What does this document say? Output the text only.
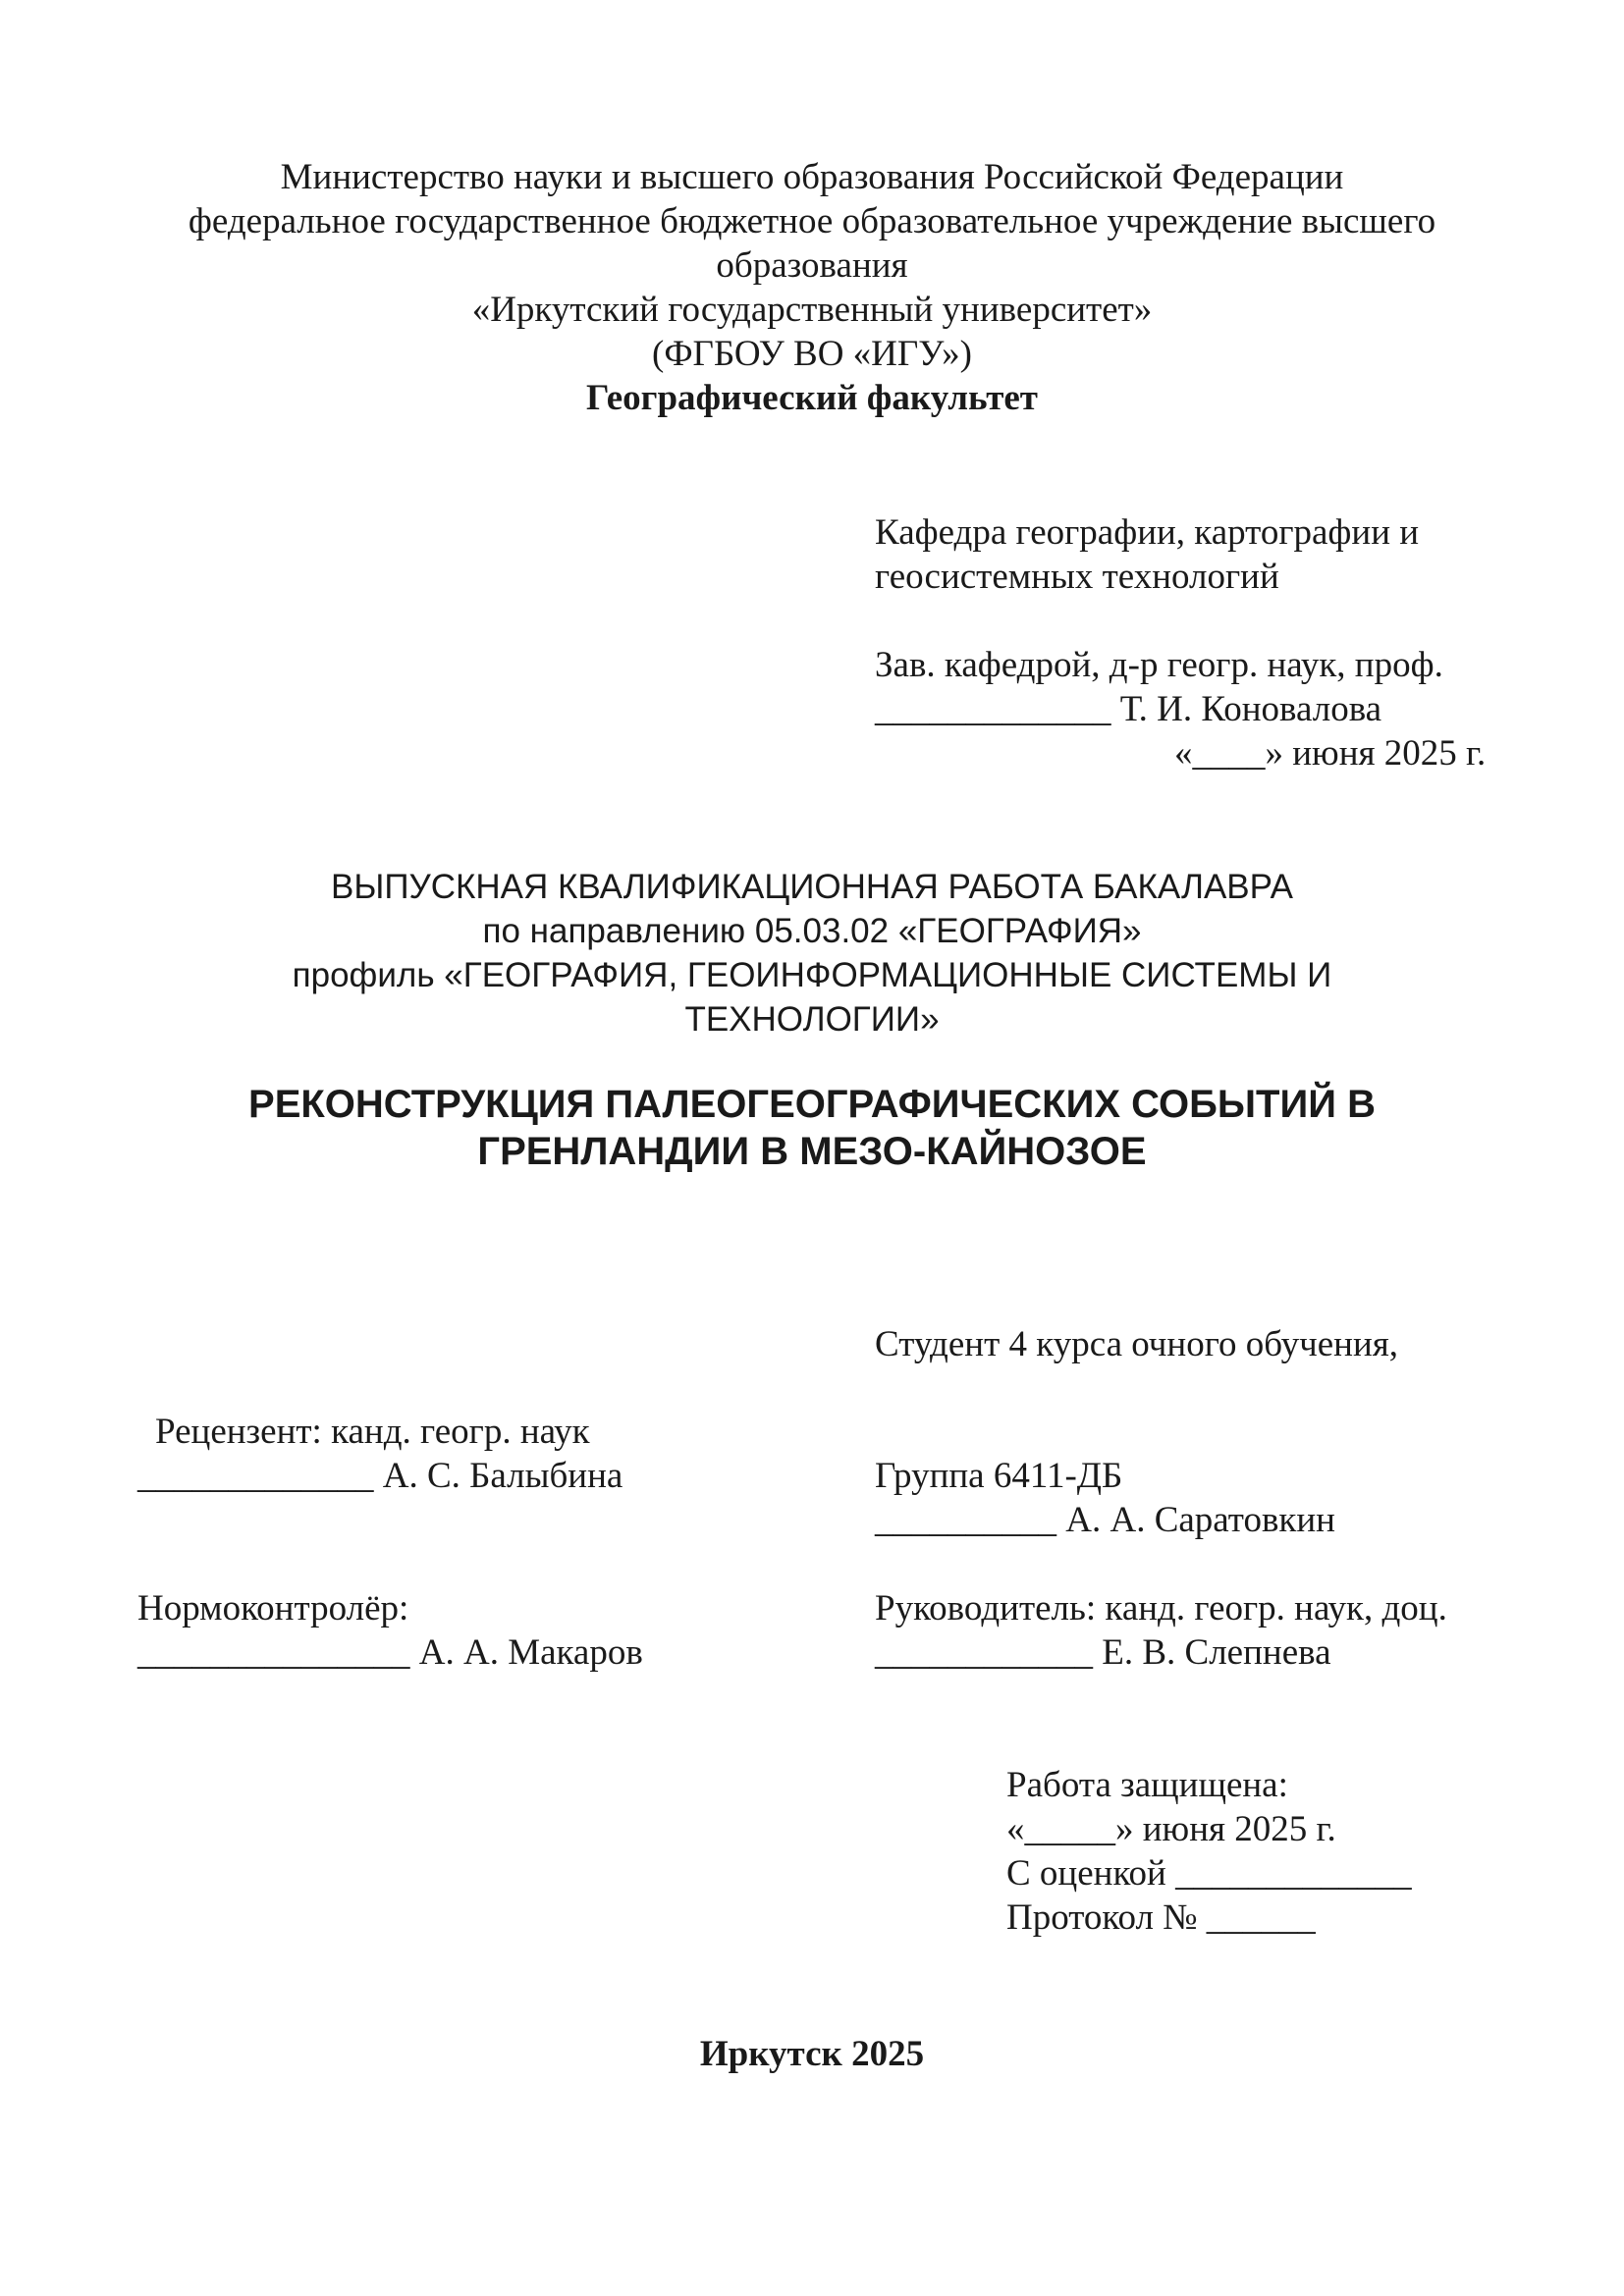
Министерство науки и высшего образования Российской Федерации
федеральное государственное бюджетное образовательное учреждение высшего
образования
«Иркутский государственный университет»
(ФГБОУ ВО «ИГУ»)
Географический факультет
Кафедра географии, картографии и
геосистемных технологий
Зав. кафедрой, д-р геогр. наук, проф.
_____________ Т. И. Коновалова
«____» июня 2025 г.
ВЫПУСКНАЯ КВАЛИФИКАЦИОННАЯ РАБОТА БАКАЛАВРА
по направлению 05.03.02 «ГЕОГРАФИЯ»
профиль «ГЕОГРАФИЯ, ГЕОИНФОРМАЦИОННЫЕ СИСТЕМЫ И
ТЕХНОЛОГИИ»
РЕКОНСТРУКЦИЯ ПАЛЕОГЕОГРАФИЧЕСКИХ СОБЫТИЙ В
ГРЕНЛАНДИИ В МЕЗО-КАЙНОЗОЕ
Студент 4 курса очного обучения,
Рецензент: канд. геогр. наук
_____________ А. С. Балыбина	Группа 6411-ДБ
__________ А. А. Саратовкин
Нормоконтролёр:
_______________ А. А. Макаров
Руководитель: канд. геогр. наук, доц.
____________ Е. В. Слепнева
Работа защищена:
«_____» июня 2025 г.
С оценкой _____________
Протокол № ______
Иркутск 2025
